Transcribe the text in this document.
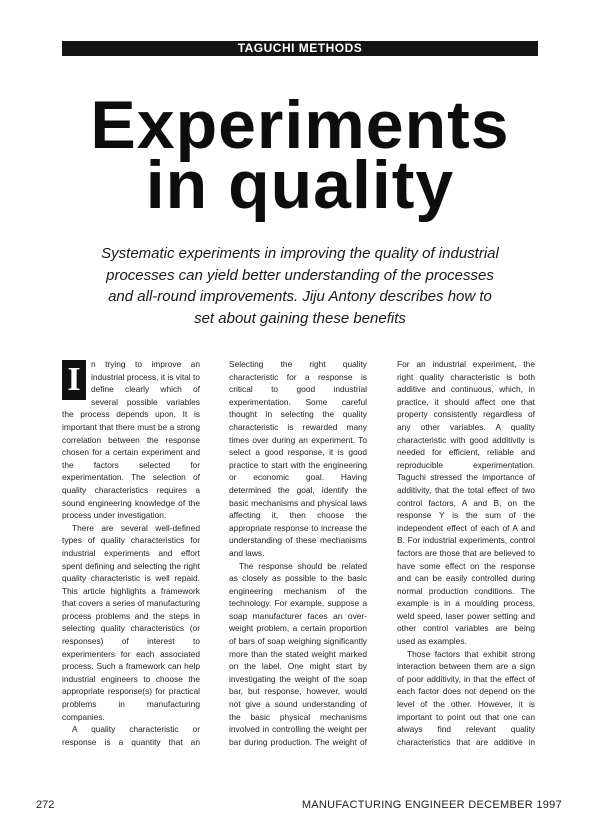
TAGUCHI METHODS
Experiments
in quality
Systematic experiments in improving the quality of industrial processes can yield better understanding of the processes and all-round improvements. Jiju Antony describes how to set about gaining these benefits
I	n trying to improve an industrial process, it is vital to define clearly which of several possible variables the process depends upon. It is important that there must be a strong correlation between the response chosen for a certain experiment and the factors selected for experimentation. The selection of quality characteristics requires a sound engineering knowledge of the process under investigation.

There are several well-defined types of quality characteristics for industrial experiments and effort spent defining and selecting the right quality characteristic is well repaid. This article highlights a framework that covers a series of manufacturing process problems and the steps in selecting quality characteristics (or responses) of interest to experimenters for each associated process. Such a framework can help industrial engineers to choose the appropriate response(s) for practical problems in manufacturing companies.

A quality characteristic or response is a quantity that an

Selecting the right quality characteristic for a response is critical to good industrial experimentation. Some careful thought in selecting the quality characteristic is rewarded many times over during an experiment. To select a good response, it is good practice to start with the engineering or economic goal. Having determined the goal, identify the basic mechanisms and physical laws affecting it, then choose the appropriate response to increase the understanding of these mechanisms and laws.

The response should be related as closely as possible to the basic engineering mechanism of the technology. For example, suppose a soap manufacturer faces an over-weight problem, a certain proportion of bars of soap weighing significantly more than the stated weight marked on the label. One might start by investigating the weight of the soap bar, but response, however, would not give a sound understanding of the basic physical mechanisms involved in controlling the weight per bar during production. The weight of

For an industrial experiment, the right quality characteristic is both additive and continuous, which, in practice, it should affect one that property consistently regardless of any other variables. A quality characteristic with good additivity is needed for efficient, reliable and reproducible experimentation. Taguchi stressed the importance of additivity, that the total effect of two control factors, A and B, on the response Y is the sum of the independent effect of each of A and B. For industrial experiments, control factors are those that are believed to have some effect on the response and can be easily controlled during normal production conditions. The example is in a moulding process, weld speed, laser power setting and other control variables are being used as examples.

Those factors that exhibit strong interaction between them are a sign of poor additivity, in that the effect of each factor does not depend on the level of the other. However, it is important to point out that one can always find relevant quality characteristics that are additive in

272	MANUFACTURING ENGINEER DECEMBER 1997
